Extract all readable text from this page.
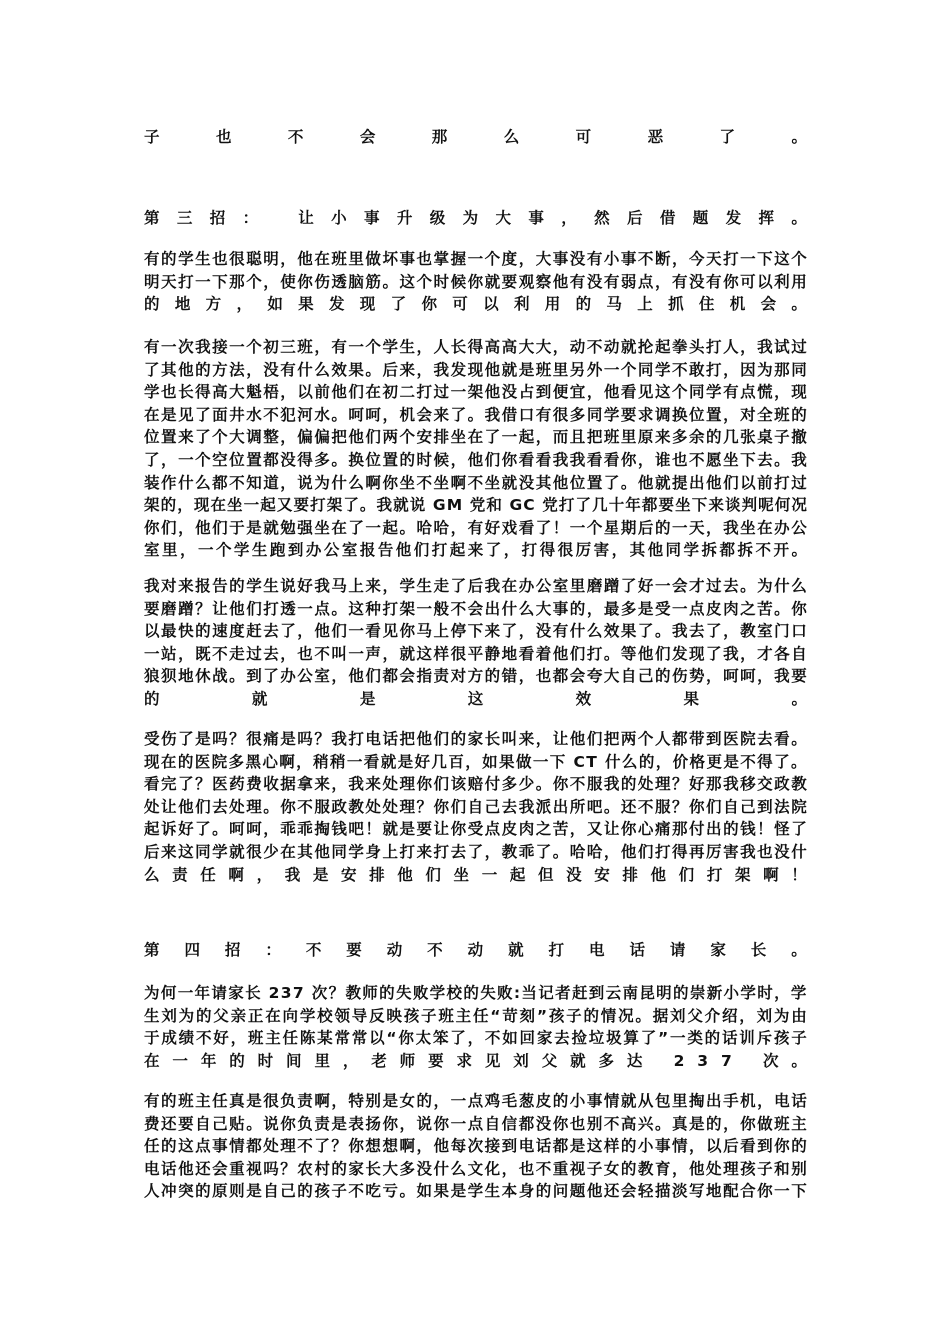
子	也	不	会	那	么	可	恶	了	。

第 三 招 ：
	让 小 事 升 级 为 大 事 ， 然 后 借 题 发 挥 。

有 的 学 生 也 很 聪 明 ， 他 在 班 里 做 坏 事 也 掌 握 一 个 度 ， 大 事 没 有 小 事 不 断 ， 今 天 打 一 下 这 个
明 天 打 一 下 那 个 ， 使 你 伤 透 脑 筋 。 这 个 时 候 你 就 要 观 察 他 有 没 有 弱 点 ， 有 没 有 你 可 以 利 用
的 地 方 ， 如 果 发 现 了 你 可 以 利 用 的 马 上 抓 住 机 会 。

有 一 次 我 接 一 个 初 三 班 ， 有 一 个 学 生 ， 人 长 得 高 高 大 大 ， 动 不 动 就 抡 起 拳 头 打 人 ， 我 试 过
了 其 他 的 方 法 ， 没 有 什 么 效 果 。 后 来 ， 我 发 现 他 就 是 班 里 另 外 一 个 同 学 不 敢 打 ， 因 为 那 同
学 也 长 得 高 大 魁 梧 ， 以 前 他 们 在 初 二 打 过 一 架 他 没 占 到 便 宜 ， 他 看 见 这 个 同 学 有 点 慌 ， 现
在 是 见 了 面 井 水 不 犯 河 水 。 呵 呵 ， 机 会 来 了 。 我 借 口 有 很 多 同 学 要 求 调 换 位 置 ， 对 全 班 的
位 置 来 了 个 大 调 整 ， 偏 偏 把 他 们 两 个 安 排 坐 在 了 一 起 ， 而 且 把 班 里 原 来 多 余 的 几 张 桌 子 撤
了 ， 一 个 空 位 置 都 没 得 多 。 换 位 置 的 时 候 ， 他 们 你 看 看 我 我 看 看 你 ， 谁 也 不 愿 坐 下 去 。 我
装 作 什 么 都 不 知 道 ， 说 为 什 么 啊 你 坐 不 坐 啊 不 坐 就 没 其 他 位 置 了 。 他 就 提 出 他 们 以 前 打 过
架 的 ， 现 在 坐 一 起 又 要 打 架 了 。 我 就 说
G M
党 和
G C
党 打 了 几 十 年 都 要 坐 下 来 谈 判 呢 何 况
你 们 ， 他 们 于 是 就 勉 强 坐 在 了 一 起 。 哈 哈 ， 有 好 戏 看 了 ！ 一 个 星 期 后 的 一 天 ， 我 坐 在 办 公
室 里 ， 一 个 学 生 跑 到 办 公 室 报 告 他 们 打 起 来 了 ， 打 得 很 厉 害 ， 其 他 同 学 拆 都 拆 不 开 。

我 对 来 报 告 的 学 生 说 好 我 马 上 来 ， 学 生 走 了 后 我 在 办 公 室 里 磨 蹭 了 好 一 会 才 过 去 。 为 什 么
要 磨 蹭 ？ 让 他 们 打 透 一 点 。 这 种 打 架 一 般 不 会 出 什 么 大 事 的 ， 最 多 是 受 一 点 皮 肉 之 苦 。 你
以 最 快 的 速 度 赶 去 了 ， 他 们 一 看 见 你 马 上 停 下 来 了 ， 没 有 什 么 效 果 了 。 我 去 了 ， 教 室 门 口
一 站 ， 既 不 走 过 去 ， 也 不 叫 一 声 ， 就 这 样 很 平 静 地 看 着 他 们 打 。 等 他 们 发 现 了 我 ， 才 各 自
狼 狈 地 休 战 。 到 了 办 公 室 ， 他 们 都 会 指 责 对 方 的 错 ， 也 都 会 夸 大 自 己 的 伤 势 ， 呵 呵 ， 我 要
的	就	是	这	效	果	。

受 伤 了 是 吗 ？ 很 痛 是 吗 ？ 我 打 电 话 把 他 们 的 家 长 叫 来 ， 让 他 们 把 两 个 人 都 带 到 医 院 去 看 。
现 在 的 医 院 多 黑 心 啊 ， 稍 稍 一 看 就 是 好 几 百 ， 如 果 做 一 下
C T
什 么 的 ， 价 格 更 是 不 得 了 。
看 完 了 ？ 医 药 费 收 据 拿 来 ， 我 来 处 理 你 们 该 赔 付 多 少 。 你 不 服 我 的 处 理 ？ 好 那 我 移 交 政 教
处 让 他 们 去 处 理 。 你 不 服 政 教 处 处 理 ？ 你 们 自 己 去 我 派 出 所 吧 。 还 不 服 ？ 你 们 自 己 到 法 院
起 诉 好 了 。 呵 呵 ， 乖 乖 掏 钱 吧 ！ 就 是 要 让 你 受 点 皮 肉 之 苦 ， 又 让 你 心 痛 那 付 出 的 钱 ！ 怪 了
后 来 这 同 学 就 很 少 在 其 他 同 学 身 上 打 来 打 去 了 ， 教 乖 了 。 哈 哈 ， 他 们 打 得 再 厉 害 我 也 没 什
么 责 任 啊 ， 我 是 安 排 他 们 坐 一 起 但 没 安 排 他 们 打 架 啊 ！

第 四 招 ： 不 要 动 不 动 就 打 电 话 请 家 长 。

为 何 一 年 请 家 长
2 3 7
次 ？ 教 师 的 失 败 学 校 的 失 败 : 当 记 者 赶 到 云 南 昆 明 的 崇 新 小 学 时 ， 学
生 刘 为 的 父 亲 正 在 向 学 校 领 导 反 映 孩 子 班 主 任 “ 苛 刻 ” 孩 子 的 情 况 。 据 刘 父 介 绍 ， 刘 为 由
于 成 绩 不 好 ， 班 主 任 陈 某 常 常 以 “ 你 太 笨 了 ， 不 如 回 家 去 捡 垃 圾 算 了 ” 一 类 的 话 训 斥 孩 子
在 一 年 的 时 间 里 ， 老 师 要 求 见 刘 父 就 多 达
2 3 7
次 。

有 的 班 主 任 真 是 很 负 责 啊 ， 特 别 是 女 的 ， 一 点 鸡 毛 葱 皮 的 小 事 情 就 从 包 里 掏 出 手 机 ， 电 话
费 还 要 自 己 贴 。 说 你 负 责 是 表 扬 你 ， 说 你 一 点 自 信 都 没 你 也 别 不 高 兴 。 真 是 的 ， 你 做 班 主
任 的 这 点 事 情 都 处 理 不 了 ？ 你 想 想 啊 ， 他 每 次 接 到 电 话 都 是 这 样 的 小 事 情 ， 以 后 看 到 你 的
电 话 他 还 会 重 视 吗 ？ 农 村 的 家 长 大 多 没 什 么 文 化 ， 也 不 重 视 子 女 的 教 育 ， 他 处 理 孩 子 和 别
人 冲 突 的 原 则 是 自 己 的 孩 子 不 吃 亏 。 如 果 是 学 生 本 身 的 问 题 他 还 会 轻 描 淡 写 地 配 合 你 一 下
